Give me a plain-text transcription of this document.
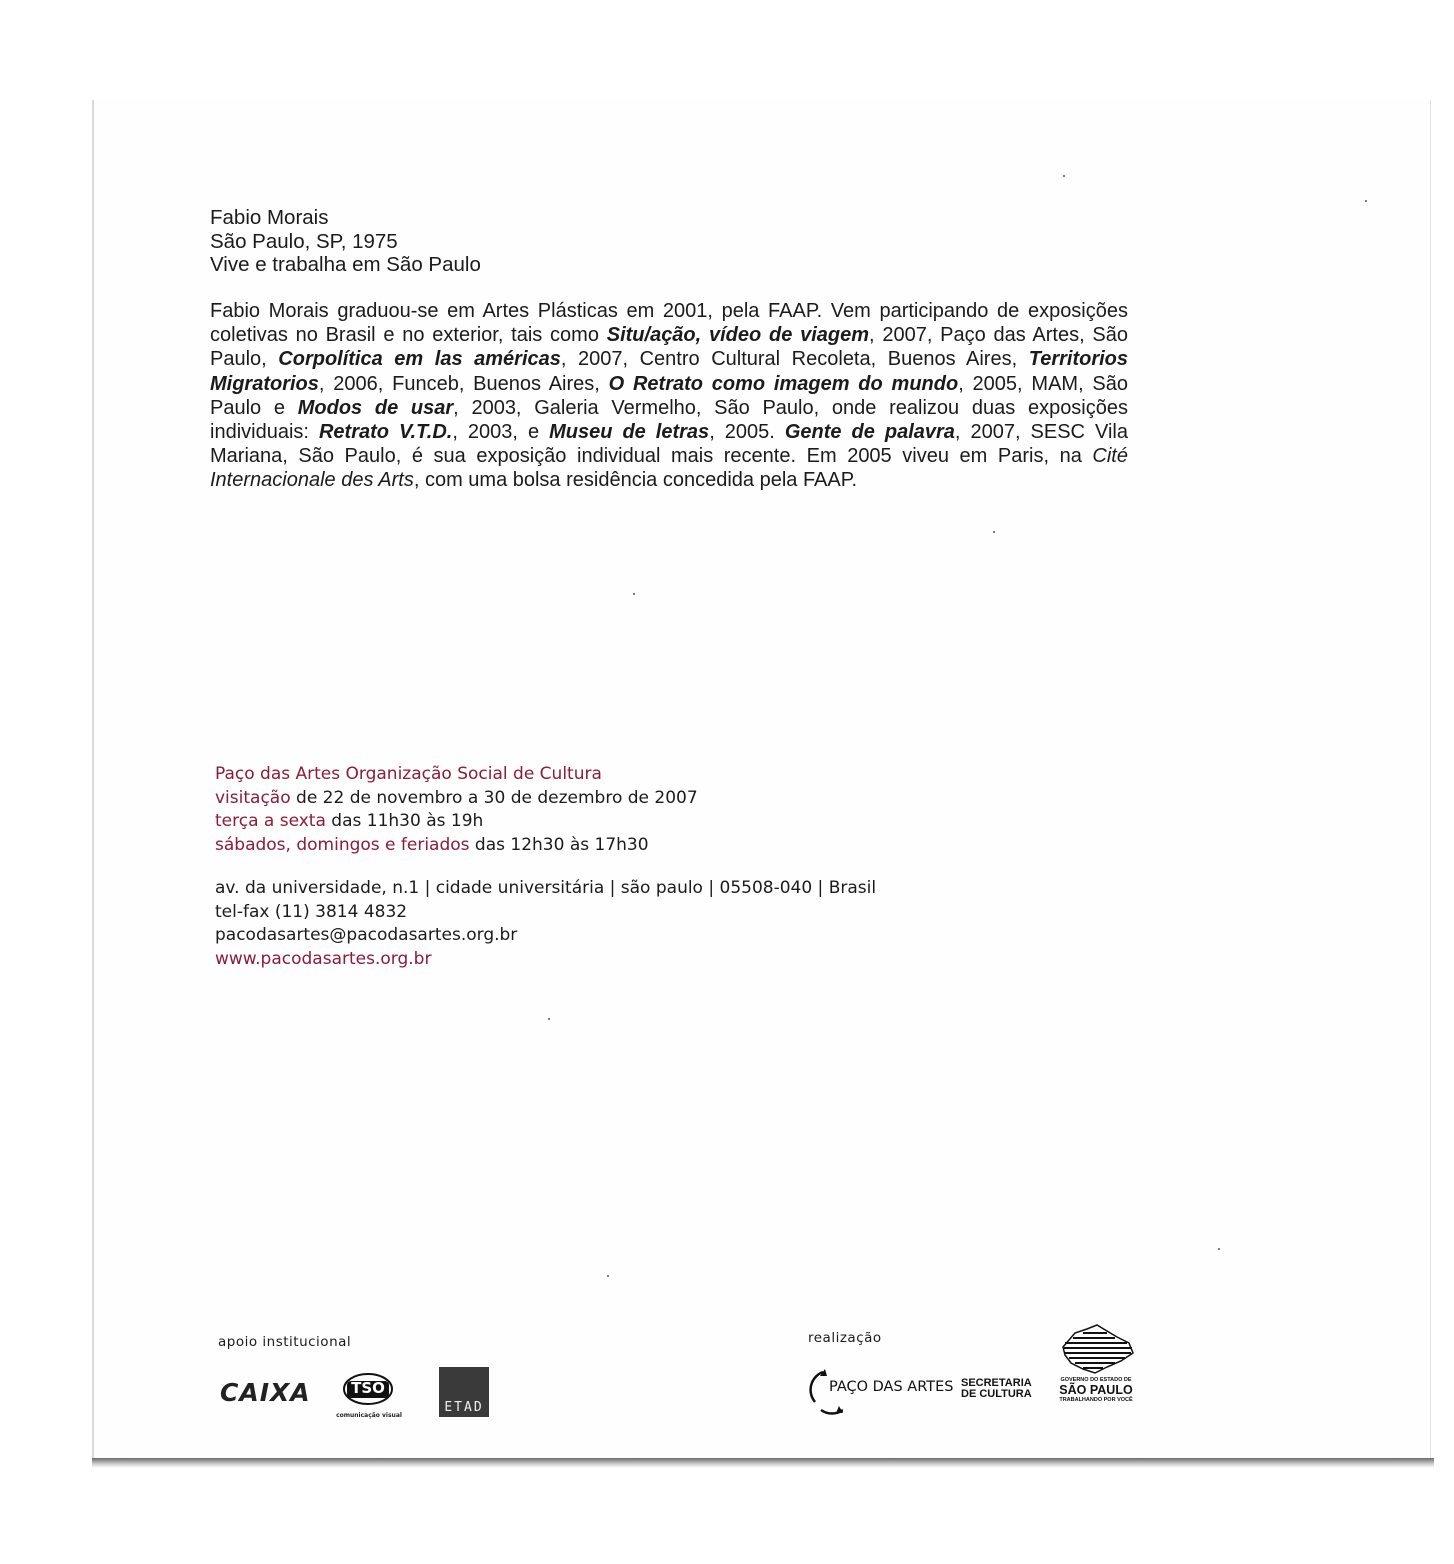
Fabio Morais
São Paulo, SP, 1975
Vive e trabalha em São Paulo
Fabio Morais graduou-se em Artes Plásticas em 2001, pela FAAP. Vem participando de exposições coletivas no Brasil e no exterior, tais como Situ/ação, vídeo de viagem, 2007, Paço das Artes, São Paulo, Corpolítica em las américas, 2007, Centro Cultural Recoleta, Buenos Aires, Territorios Migratorios, 2006, Funceb, Buenos Aires, O Retrato como imagem do mundo, 2005, MAM, São Paulo e Modos de usar, 2003, Galeria Vermelho, São Paulo, onde realizou duas exposições individuais: Retrato V.T.D., 2003, e Museu de letras, 2005. Gente de palavra, 2007, SESC Vila Mariana, São Paulo, é sua exposição individual mais recente. Em 2005 viveu em Paris, na Cité Internacionale des Arts, com uma bolsa residência concedida pela FAAP.
Paço das Artes Organização Social de Cultura
visitação de 22 de novembro a 30 de dezembro de 2007
terça a sexta das 11h30 às 19h
sábados, domingos e feriados das 12h30 às 17h30
av. da universidade, n.1 | cidade universitária | são paulo | 05508-040 | Brasil
tel-fax (11) 3814 4832
pacodasartes@pacodasartes.org.br
www.pacodasartes.org.br
apoio institucional	realização
CAIXA	TSO
comunicação visual
ETAD
PAÇO DAS ARTES SECRETARIA
DE CULTURA
GOVERNO DO ESTADO DE
SÃO PAULO
TRABALHANDO POR VOCÊ
